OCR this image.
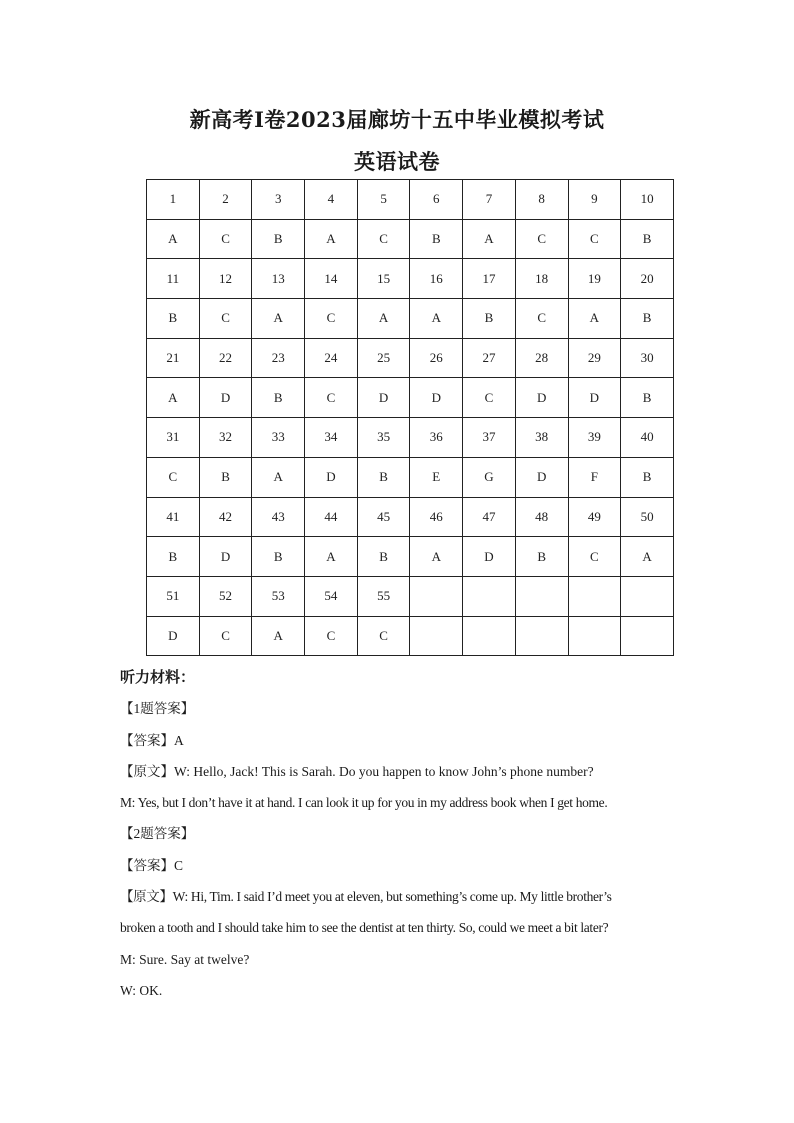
新高考Ⅰ卷2023届廊坊十五中毕业模拟考试
英语试卷
1	2	3	4	5	6	7	8	9	10
A	C	B	A	C	B	A	C	C	B
11	12	13	14	15	16	17	18	19	20
B	C	A	C	A	A	B	C	A	B
21	22	23	24	25	26	27	28	29	30
A	D	B	C	D	D	C	D	D	B
31	32	33	34	35	36	37	38	39	40
C	B	A	D	B	E	G	D	F	B
41	42	43	44	45	46	47	48	49	50
B	D	B	A	B	A	D	B	C	A
51	52	53	54	55					
D	C	A	C	C					

听力材料：

【1题答案】

【答案】A

【原文】W: Hello, Jack! This is Sarah. Do you happen to know John’s phone number?

M: Yes, but I don’t have it at hand. I can look it up for you in my address book when I get home.

【2题答案】

【答案】C

【原文】W: Hi, Tim. I said I’d meet you at eleven, but something’s come up. My little brother’s

broken a tooth and I should take him to see the dentist at ten thirty. So, could we meet a bit later?

M: Sure. Say at twelve?

W: OK.
